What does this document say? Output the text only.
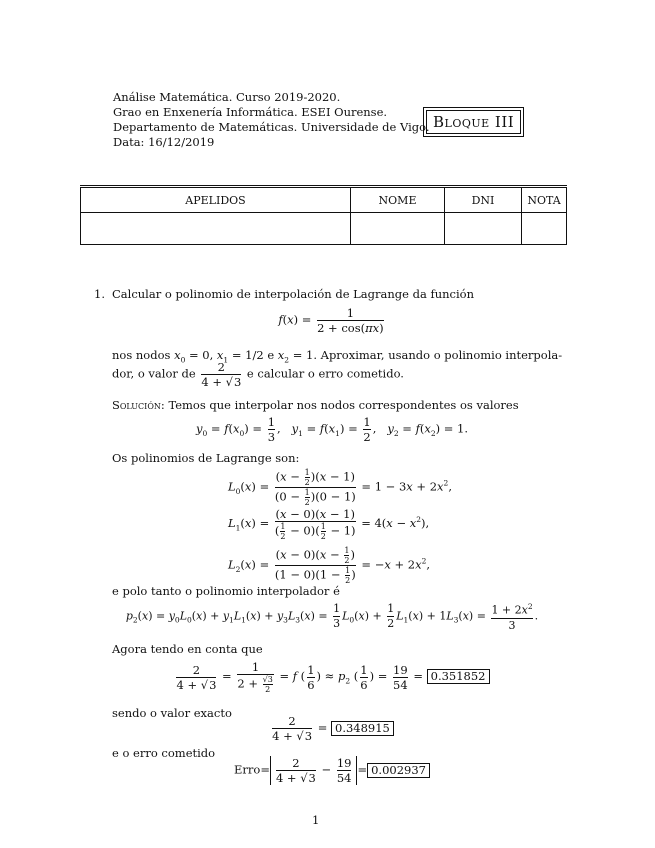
Análise Matemática. Curso 2019-2020.
Grao en Enxenería Informática. ESEI Ourense.
Departamento de Matemáticas. Universidade de Vigo.
Data: 16/12/2019
Bloque III
APELIDOS	NOME	DNI	NOTA

1. Calcular o polinomio de interpolación de Lagrange da función
$f(x) = \frac{1}{2 + \cos(\pi x)}$
nos nodos $x_0 = 0$, $x_1 = 1/2$ e $x_2 = 1$. Aproximar, usando o polinomio interpola-
dor, o valor de $\frac{2}{4 + √3}$ e calcular o erro cometido.
Solución: Temos que interpolar nos nodos correspondentes os valores
$y_0 = f(x_0) = \frac{1}{3}$ ,   $y_1 = f(x_1) = \frac{1}{2}$ ,   $y_2 = f(x_2) = 1$.
Os polinomios de Lagrange son:
$L_0(x) = \frac{(x - \frac{1}{2} )(x - 1)}{(0 - \frac{1}{2} )(0 - 1)} = 1 - 3x + 2x^2$,
$L_1(x) = \frac{(x - 0)(x - 1)}{( \frac{1}{2} - 0)( \frac{1}{2} - 1)} = 4(x - x^2)$,
$L_2(x) = \frac{(x - 0)(x - \frac{1}{2} )}{(1 - 0)(1 - \frac{1}{2} )} = -x + 2x^2$,
e polo tanto o polinomio interpolador é
$p_2(x) = y_0L_0(x) + y_1L_1(x) + y_3L_3(x) = \frac{1}{3} L_0(x) + \frac{1}{2} L_1(x) + 1L_3(x) = \frac{1 + 2x^2}{3}$ .
Agora tendo en conta que
$\frac{2}{4 + √3} = \frac{1}{2 + \frac{√3}{2}} = f$ ( $\frac{1}{6}$ ) ≈ $p_2$ ( $\frac{1}{6}$ ) = $\frac{19}{54} = 0.351852$
sendo o valor exacto
$\frac{2}{4 + √3} = 0.348915$
e o erro cometido
Erro= $\frac{2}{4 + √3} - \frac{19}{54} = 0.002937$
1
